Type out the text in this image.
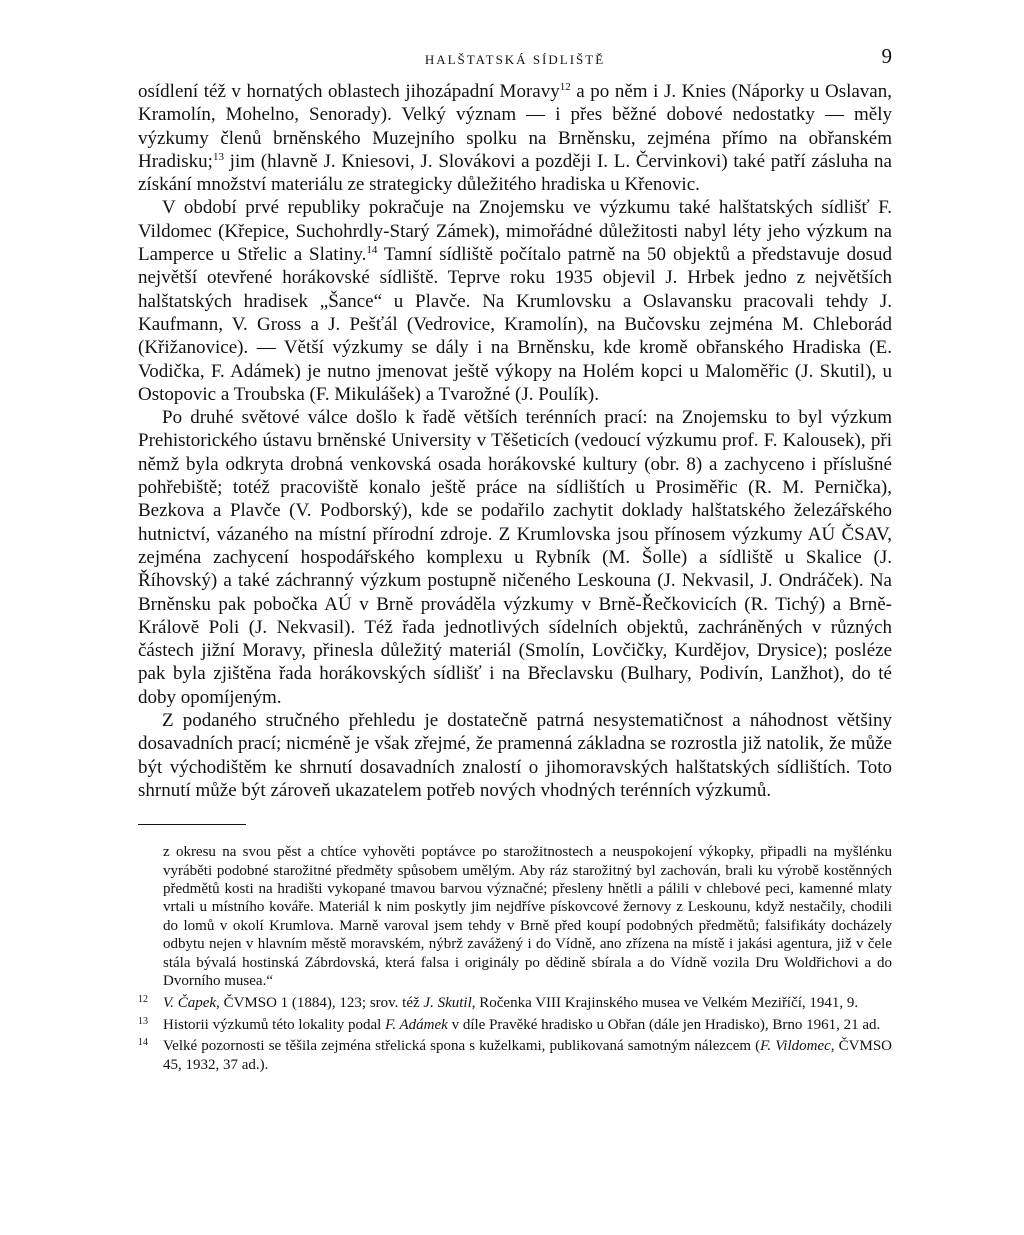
HALŠTATSKÁ SÍDLIŠTĚ	9

osídlení též v hornatých oblastech jihozápadní Moravy$^{12}$ a po něm i J. Knies (Náporky u Oslavan, Kramolín, Mohelno, Senorady). Velký význam — i přes běžné dobové nedostatky — měly výzkumy členů brněnského Muzejního spolku na Brněnsku, zejména přímo na obřanském Hradisku;$^{13}$ jim (hlavně J. Kniesovi, J. Slovákovi a později I. L. Červinkovi) také patří zásluha na získání množství materiálu ze strategicky důležitého hradiska u Křenovic.

V období prvé republiky pokračuje na Znojemsku ve výzkumu také halštatských sídlišť F. Vildomec (Křepice, Suchohrdly-Starý Zámek), mimořádné důležitosti nabyl léty jeho výzkum na Lamperce u Střelic a Slatiny.$^{14}$ Tamní sídliště počítalo patrně na 50 objektů a představuje dosud největší otevřené horákovské sídliště. Teprve roku 1935 objevil J. Hrbek jedno z největších halštatských hradisek „Šance“ u Plavče. Na Krumlovsku a Oslavansku pracovali tehdy J. Kaufmann, V. Gross a J. Pešťál (Vedrovice, Kramolín), na Bučovsku zejména M. Chleborád (Křižanovice). — Větší výzkumy se dály i na Brněnsku, kde kromě obřanského Hradiska (E. Vodička, F. Adámek) je nutno jmenovat ještě výkopy na Holém kopci u Maloměřic (J. Skutil), u Ostopovic a Troubska (F. Mikulášek) a Tvarožné (J. Poulík).

Po druhé světové válce došlo k řadě větších terénních prací: na Znojemsku to byl výzkum Prehistorického ústavu brněnské University v Těšeticích (vedoucí výzkumu prof. F. Kalousek), při němž byla odkryta drobná venkovská osada horákovské kultury (obr. 8) a zachyceno i příslušné pohřebiště; totéž pracoviště konalo ještě práce na sídlištích u Prosiměřic (R. M. Pernička), Bezkova a Plavče (V. Podborský), kde se podařilo zachytit doklady halštatského železářského hutnictví, vázaného na místní přírodní zdroje. Z Krumlovska jsou přínosem výzkumy AÚ ČSAV, zejména zachycení hospodářského komplexu u Rybník (M. Šolle) a sídliště u Skalice (J. Říhovský) a také záchranný výzkum postupně ničeného Leskouna (J. Nekvasil, J. Ondráček). Na Brněnsku pak pobočka AÚ v Brně prováděla výzkumy v Brně-Řečkovicích (R. Tichý) a Brně-Královĕ Poli (J. Nekvasil). Též řada jednotlivých sídelních objektů, zachráněných v různých částech jižní Moravy, přinesla důležitý materiál (Smolín, Lovčičky, Kurdějov, Drysice); posléze pak byla zjištěna řada horákovských sídlišť i na Břeclavsku (Bulhary, Podivín, Lanžhot), do té doby opomíjeným.

Z podaného stručného přehledu je dostatečně patrná nesystematičnost a náhodnost většiny dosavadních prací; nicméně je však zřejmé, že pramenná základna se rozrostla již natolik, že může být východištěm ke shrnutí dosavadních znalostí o jihomoravských halštatských sídlištích. Toto shrnutí může být zároveň ukazatelem potřeb nových vhodných terénních výzkumů.

z okresu na svou pěst a chtíce vyhověti poptávce po starožitnostech a neuspokojení výkopky, připadli na myšlénku vyráběti podobné starožitné předměty spůsobem umělým. Aby ráz starožitný byl zachován, brali ku výrobě kostěnných předmětů kosti na hradišti vykopané tmavou barvou význačné; přesleny hnětli a pálili v chlebové peci, kamenné mlaty vrtali u místního kováře. Materiál k nim poskytly jim nejdříve pískovcové žernovy z Leskounu, když nestačily, chodili do lomů v okolí Krumlova. Marně varoval jsem tehdy v Brně před koupí podobných předmětů; falsifikáty docházely odbytu nejen v hlavním městě moravském, nýbrž zavážený i do Vídně, ano zřízena na místě i jakási agentura, již v čele stála bývalá hostinská Zábrdovská, která falsa i originály po dědině sbírala a do Vídně vozila Dru Woldřichovi a do Dvorního musea.“
12 V. Čapek, ČVMSO 1 (1884), 123; srov. též J. Skutil, Ročenka VIII Krajinského musea ve Velkém Meziříčí, 1941, 9.
13 Historii výzkumů této lokality podal F. Adámek v díle Pravěké hradisko u Obřan (dále jen Hradisko), Brno 1961, 21 ad.
14 Velké pozornosti se těšila zejména střelická spona s kuželkami, publikovaná samotným nálezcem (F. Vildomec, ČVMSO 45, 1932, 37 ad.).
